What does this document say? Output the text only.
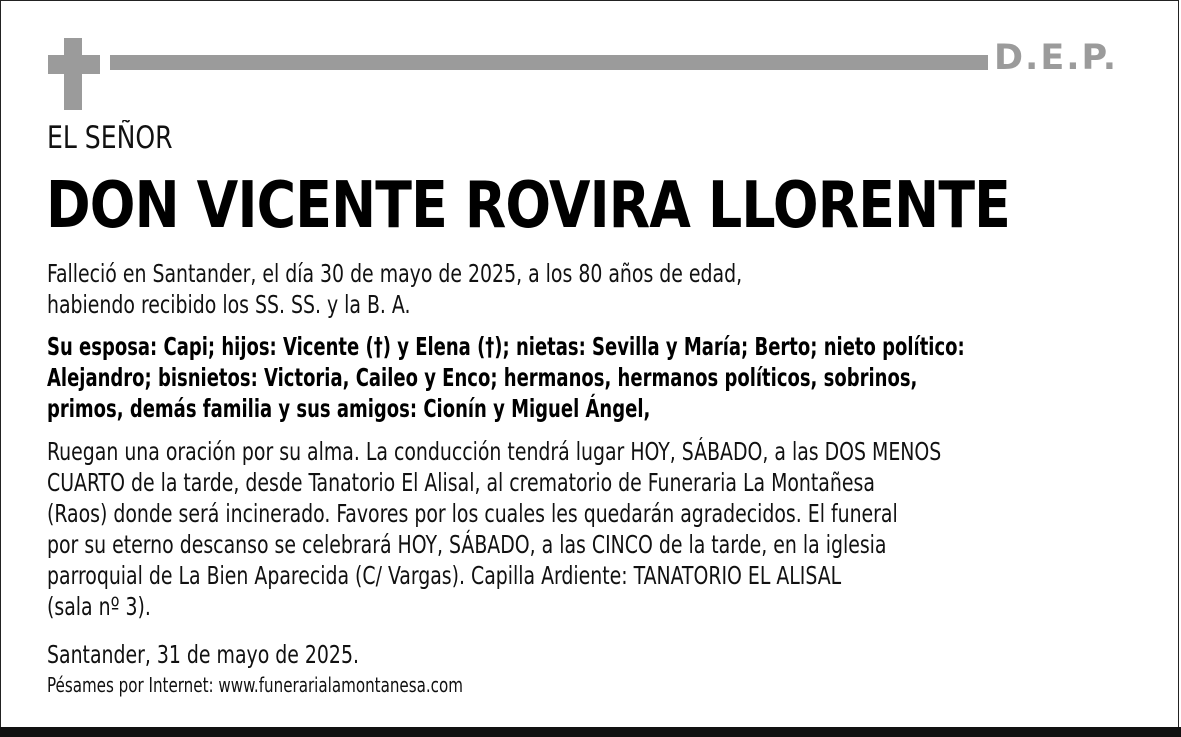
D.E.P.
EL SEÑOR
DON VICENTE ROVIRA LLORENTE
Falleció en Santander, el día 30 de mayo de 2025, a los 80 años de edad,
habiendo recibido los SS. SS. y la B. A.
Su esposa: Capi; hijos: Vicente (†) y Elena (†); nietas: Sevilla y María; Berto; nieto político:
Alejandro; bisnietos: Victoria, Caileo y Enco; hermanos, hermanos políticos, sobrinos,
primos, demás familia y sus amigos: Cionín y Miguel Ángel,
Ruegan una oración por su alma. La conducción tendrá lugar HOY, SÁBADO, a las DOS MENOS
CUARTO de la tarde, desde Tanatorio El Alisal, al crematorio de Funeraria La Montañesa
(Raos) donde será incinerado. Favores por los cuales les quedarán agradecidos. El funeral
por su eterno descanso se celebrará HOY, SÁBADO, a las CINCO de la tarde, en la iglesia
parroquial de La Bien Aparecida (C/ Vargas). Capilla Ardiente: TANATORIO EL ALISAL
(sala nº 3).
Santander, 31 de mayo de 2025.
Pésames por Internet: www.funerarialamontanesa.com
